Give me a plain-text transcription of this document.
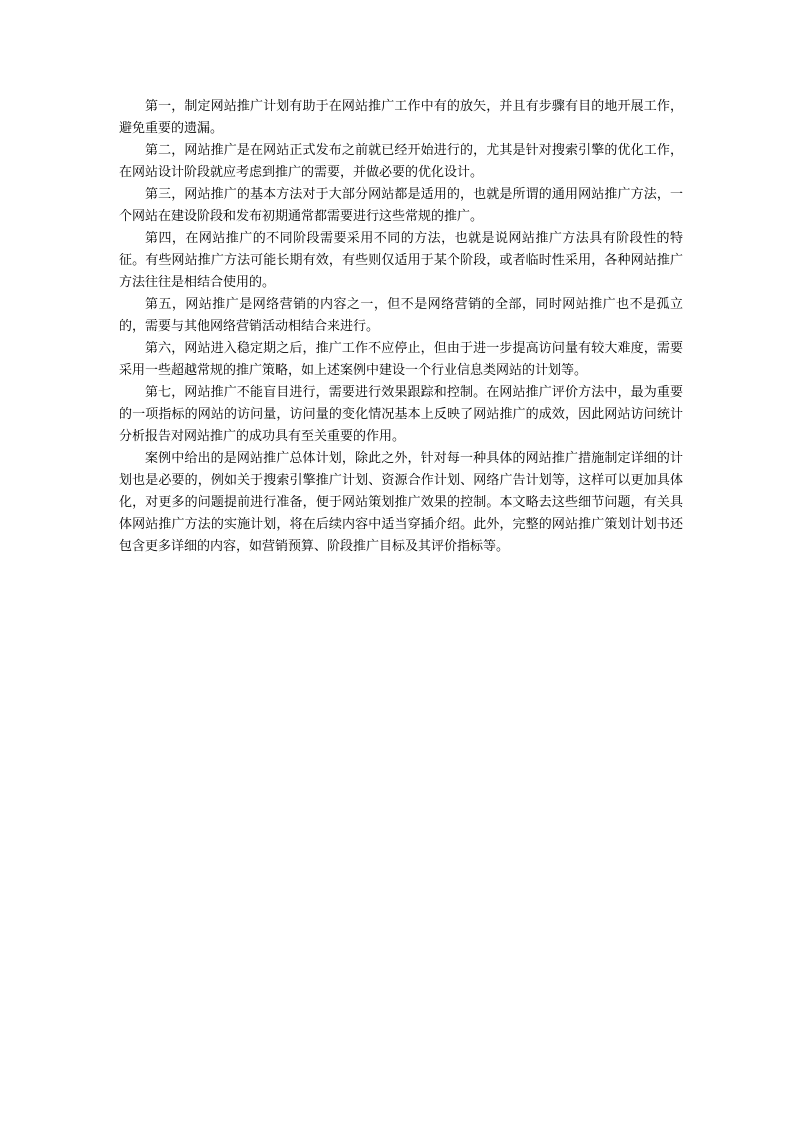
第一，制定网站推广计划有助于在网站推广工作中有的放矢，并且有步骤有目的地开展工作，避免重要的遗漏。

第二，网站推广是在网站正式发布之前就已经开始进行的，尤其是针对搜索引擎的优化工作，在网站设计阶段就应考虑到推广的需要，并做必要的优化设计。

第三，网站推广的基本方法对于大部分网站都是适用的，也就是所谓的通用网站推广方法，一个网站在建设阶段和发布初期通常都需要进行这些常规的推广。

第四，在网站推广的不同阶段需要采用不同的方法，也就是说网站推广方法具有阶段性的特征。有些网站推广方法可能长期有效，有些则仅适用于某个阶段，或者临时性采用，各种网站推广方法往往是相结合使用的。

第五，网站推广是网络营销的内容之一，但不是网络营销的全部，同时网站推广也不是孤立的，需要与其他网络营销活动相结合来进行。

第六，网站进入稳定期之后，推广工作不应停止，但由于进一步提高访问量有较大难度，需要采用一些超越常规的推广策略，如上述案例中建设一个行业信息类网站的计划等。

第七，网站推广不能盲目进行，需要进行效果跟踪和控制。在网站推广评价方法中，最为重要的一项指标的网站的访问量，访问量的变化情况基本上反映了网站推广的成效，因此网站访问统计分析报告对网站推广的成功具有至关重要的作用。

案例中给出的是网站推广总体计划，除此之外，针对每一种具体的网站推广措施制定详细的计划也是必要的，例如关于搜索引擎推广计划、资源合作计划、网络广告计划等，这样可以更加具体化，对更多的问题提前进行准备，便于网站策划推广效果的控制。本文略去这些细节问题，有关具体网站推广方法的实施计划，将在后续内容中适当穿插介绍。此外，完整的网站推广策划计划书还包含更多详细的内容，如营销预算、阶段推广目标及其评价指标等。
